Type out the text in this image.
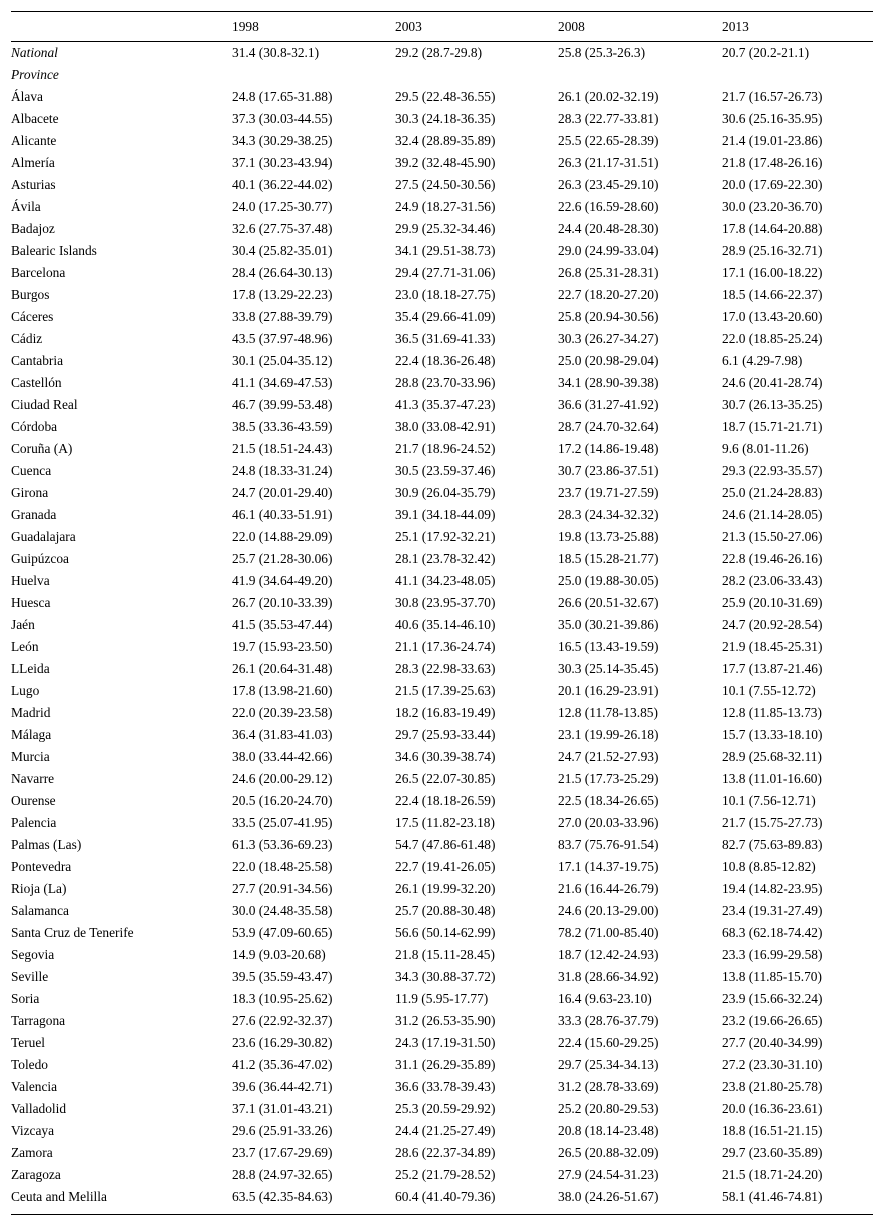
	1998	2003	2008	2013
National	31.4 (30.8-32.1)	29.2 (28.7-29.8)	25.8 (25.3-26.3)	20.7 (20.2-21.1)
Province				
Álava	24.8 (17.65-31.88)	29.5 (22.48-36.55)	26.1 (20.02-32.19)	21.7 (16.57-26.73)
Albacete	37.3 (30.03-44.55)	30.3 (24.18-36.35)	28.3 (22.77-33.81)	30.6 (25.16-35.95)
Alicante	34.3 (30.29-38.25)	32.4 (28.89-35.89)	25.5 (22.65-28.39)	21.4 (19.01-23.86)
Almería	37.1 (30.23-43.94)	39.2 (32.48-45.90)	26.3 (21.17-31.51)	21.8 (17.48-26.16)
Asturias	40.1 (36.22-44.02)	27.5 (24.50-30.56)	26.3 (23.45-29.10)	20.0 (17.69-22.30)
Ávila	24.0 (17.25-30.77)	24.9 (18.27-31.56)	22.6 (16.59-28.60)	30.0 (23.20-36.70)
Badajoz	32.6 (27.75-37.48)	29.9 (25.32-34.46)	24.4 (20.48-28.30)	17.8 (14.64-20.88)
Balearic Islands	30.4 (25.82-35.01)	34.1 (29.51-38.73)	29.0 (24.99-33.04)	28.9 (25.16-32.71)
Barcelona	28.4 (26.64-30.13)	29.4 (27.71-31.06)	26.8 (25.31-28.31)	17.1 (16.00-18.22)
Burgos	17.8 (13.29-22.23)	23.0 (18.18-27.75)	22.7 (18.20-27.20)	18.5 (14.66-22.37)
Cáceres	33.8 (27.88-39.79)	35.4 (29.66-41.09)	25.8 (20.94-30.56)	17.0 (13.43-20.60)
Cádiz	43.5 (37.97-48.96)	36.5 (31.69-41.33)	30.3 (26.27-34.27)	22.0 (18.85-25.24)
Cantabria	30.1 (25.04-35.12)	22.4 (18.36-26.48)	25.0 (20.98-29.04)	6.1 (4.29-7.98)
Castellón	41.1 (34.69-47.53)	28.8 (23.70-33.96)	34.1 (28.90-39.38)	24.6 (20.41-28.74)
Ciudad Real	46.7 (39.99-53.48)	41.3 (35.37-47.23)	36.6 (31.27-41.92)	30.7 (26.13-35.25)
Córdoba	38.5 (33.36-43.59)	38.0 (33.08-42.91)	28.7 (24.70-32.64)	18.7 (15.71-21.71)
Coruña (A)	21.5 (18.51-24.43)	21.7 (18.96-24.52)	17.2 (14.86-19.48)	9.6 (8.01-11.26)
Cuenca	24.8 (18.33-31.24)	30.5 (23.59-37.46)	30.7 (23.86-37.51)	29.3 (22.93-35.57)
Girona	24.7 (20.01-29.40)	30.9 (26.04-35.79)	23.7 (19.71-27.59)	25.0 (21.24-28.83)
Granada	46.1 (40.33-51.91)	39.1 (34.18-44.09)	28.3 (24.34-32.32)	24.6 (21.14-28.05)
Guadalajara	22.0 (14.88-29.09)	25.1 (17.92-32.21)	19.8 (13.73-25.88)	21.3 (15.50-27.06)
Guipúzcoa	25.7 (21.28-30.06)	28.1 (23.78-32.42)	18.5 (15.28-21.77)	22.8 (19.46-26.16)
Huelva	41.9 (34.64-49.20)	41.1 (34.23-48.05)	25.0 (19.88-30.05)	28.2 (23.06-33.43)
Huesca	26.7 (20.10-33.39)	30.8 (23.95-37.70)	26.6 (20.51-32.67)	25.9 (20.10-31.69)
Jaén	41.5 (35.53-47.44)	40.6 (35.14-46.10)	35.0 (30.21-39.86)	24.7 (20.92-28.54)
León	19.7 (15.93-23.50)	21.1 (17.36-24.74)	16.5 (13.43-19.59)	21.9 (18.45-25.31)
LLeida	26.1 (20.64-31.48)	28.3 (22.98-33.63)	30.3 (25.14-35.45)	17.7 (13.87-21.46)
Lugo	17.8 (13.98-21.60)	21.5 (17.39-25.63)	20.1 (16.29-23.91)	10.1 (7.55-12.72)
Madrid	22.0 (20.39-23.58)	18.2 (16.83-19.49)	12.8 (11.78-13.85)	12.8 (11.85-13.73)
Málaga	36.4 (31.83-41.03)	29.7 (25.93-33.44)	23.1 (19.99-26.18)	15.7 (13.33-18.10)
Murcia	38.0 (33.44-42.66)	34.6 (30.39-38.74)	24.7 (21.52-27.93)	28.9 (25.68-32.11)
Navarre	24.6 (20.00-29.12)	26.5 (22.07-30.85)	21.5 (17.73-25.29)	13.8 (11.01-16.60)
Ourense	20.5 (16.20-24.70)	22.4 (18.18-26.59)	22.5 (18.34-26.65)	10.1 (7.56-12.71)
Palencia	33.5 (25.07-41.95)	17.5 (11.82-23.18)	27.0 (20.03-33.96)	21.7 (15.75-27.73)
Palmas (Las)	61.3 (53.36-69.23)	54.7 (47.86-61.48)	83.7 (75.76-91.54)	82.7 (75.63-89.83)
Pontevedra	22.0 (18.48-25.58)	22.7 (19.41-26.05)	17.1 (14.37-19.75)	10.8 (8.85-12.82)
Rioja (La)	27.7 (20.91-34.56)	26.1 (19.99-32.20)	21.6 (16.44-26.79)	19.4 (14.82-23.95)
Salamanca	30.0 (24.48-35.58)	25.7 (20.88-30.48)	24.6 (20.13-29.00)	23.4 (19.31-27.49)
Santa Cruz de Tenerife	53.9 (47.09-60.65)	56.6 (50.14-62.99)	78.2 (71.00-85.40)	68.3 (62.18-74.42)
Segovia	14.9 (9.03-20.68)	21.8 (15.11-28.45)	18.7 (12.42-24.93)	23.3 (16.99-29.58)
Seville	39.5 (35.59-43.47)	34.3 (30.88-37.72)	31.8 (28.66-34.92)	13.8 (11.85-15.70)
Soria	18.3 (10.95-25.62)	11.9 (5.95-17.77)	16.4 (9.63-23.10)	23.9 (15.66-32.24)
Tarragona	27.6 (22.92-32.37)	31.2 (26.53-35.90)	33.3 (28.76-37.79)	23.2 (19.66-26.65)
Teruel	23.6 (16.29-30.82)	24.3 (17.19-31.50)	22.4 (15.60-29.25)	27.7 (20.40-34.99)
Toledo	41.2 (35.36-47.02)	31.1 (26.29-35.89)	29.7 (25.34-34.13)	27.2 (23.30-31.10)
Valencia	39.6 (36.44-42.71)	36.6 (33.78-39.43)	31.2 (28.78-33.69)	23.8 (21.80-25.78)
Valladolid	37.1 (31.01-43.21)	25.3 (20.59-29.92)	25.2 (20.80-29.53)	20.0 (16.36-23.61)
Vizcaya	29.6 (25.91-33.26)	24.4 (21.25-27.49)	20.8 (18.14-23.48)	18.8 (16.51-21.15)
Zamora	23.7 (17.67-29.69)	28.6 (22.37-34.89)	26.5 (20.88-32.09)	29.7 (23.60-35.89)
Zaragoza	28.8 (24.97-32.65)	25.2 (21.79-28.52)	27.9 (24.54-31.23)	21.5 (18.71-24.20)
Ceuta and Melilla	63.5 (42.35-84.63)	60.4 (41.40-79.36)	38.0 (24.26-51.67)	58.1 (41.46-74.81)
